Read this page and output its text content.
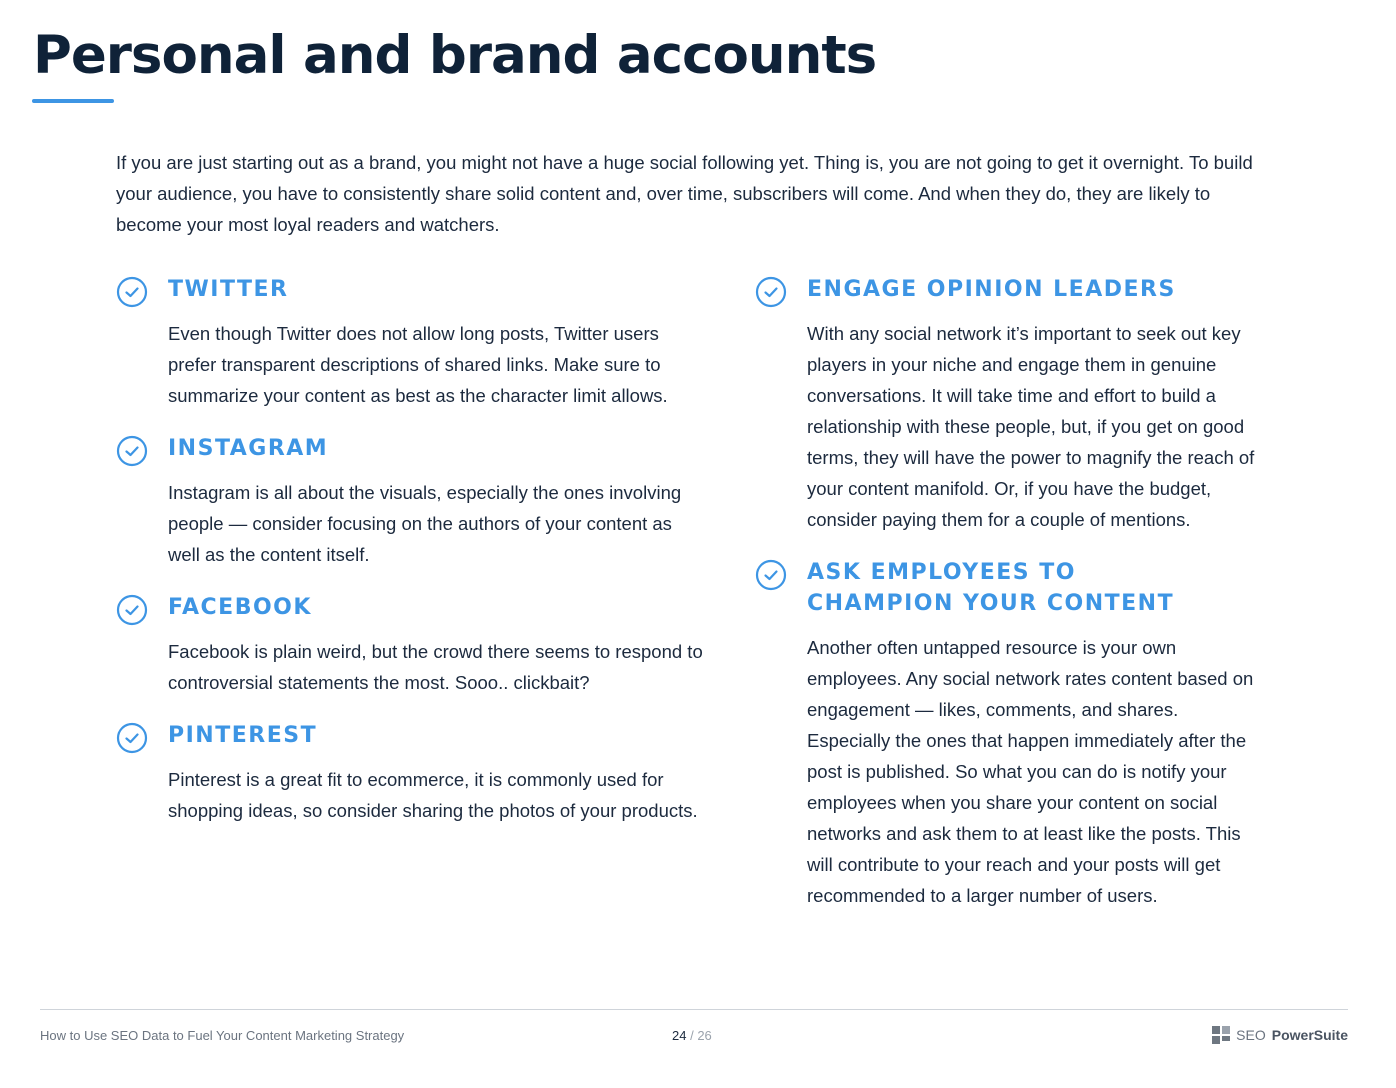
Personal and brand accounts

If you are just starting out as a brand, you might not have a huge social following yet. Thing is, you are not going to get it overnight. To build your audience, you have to consistently share solid content and, over time, subscribers will come. And when they do, they are likely to become your most loyal readers and watchers.

TWITTER

Even though Twitter does not allow long posts, Twitter users prefer transparent descriptions of shared links. Make sure to summarize your content as best as the character limit allows.

INSTAGRAM

Instagram is all about the visuals, especially the ones involving people — consider focusing on the authors of your content as well as the content itself.

FACEBOOK

Facebook is plain weird, but the crowd there seems to respond to controversial statements the most. Sooo.. clickbait?

PINTEREST

Pinterest is a great fit to ecommerce, it is commonly used for shopping ideas, so consider sharing the photos of your products.

ENGAGE OPINION LEADERS

With any social network it’s important to seek out key players in your niche and engage them in genuine conversations. It will take time and effort to build a relationship with these people, but, if you get on good terms, they will have the power to magnify the reach of your content manifold. Or, if you have the budget, consider paying them for a couple of mentions.

ASK EMPLOYEES TO CHAMPION YOUR CONTENT

Another often untapped resource is your own employees. Any social network rates content based on engagement — likes, comments, and shares. Especially the ones that happen immediately after the post is published. So what you can do is notify your employees when you share your content on social networks and ask them to at least like the posts. This will contribute to your reach and your posts will get recommended to a larger number of users.

How to Use SEO Data to Fuel Your Content Marketing Strategy	24 / 26	SEO PowerSuite
